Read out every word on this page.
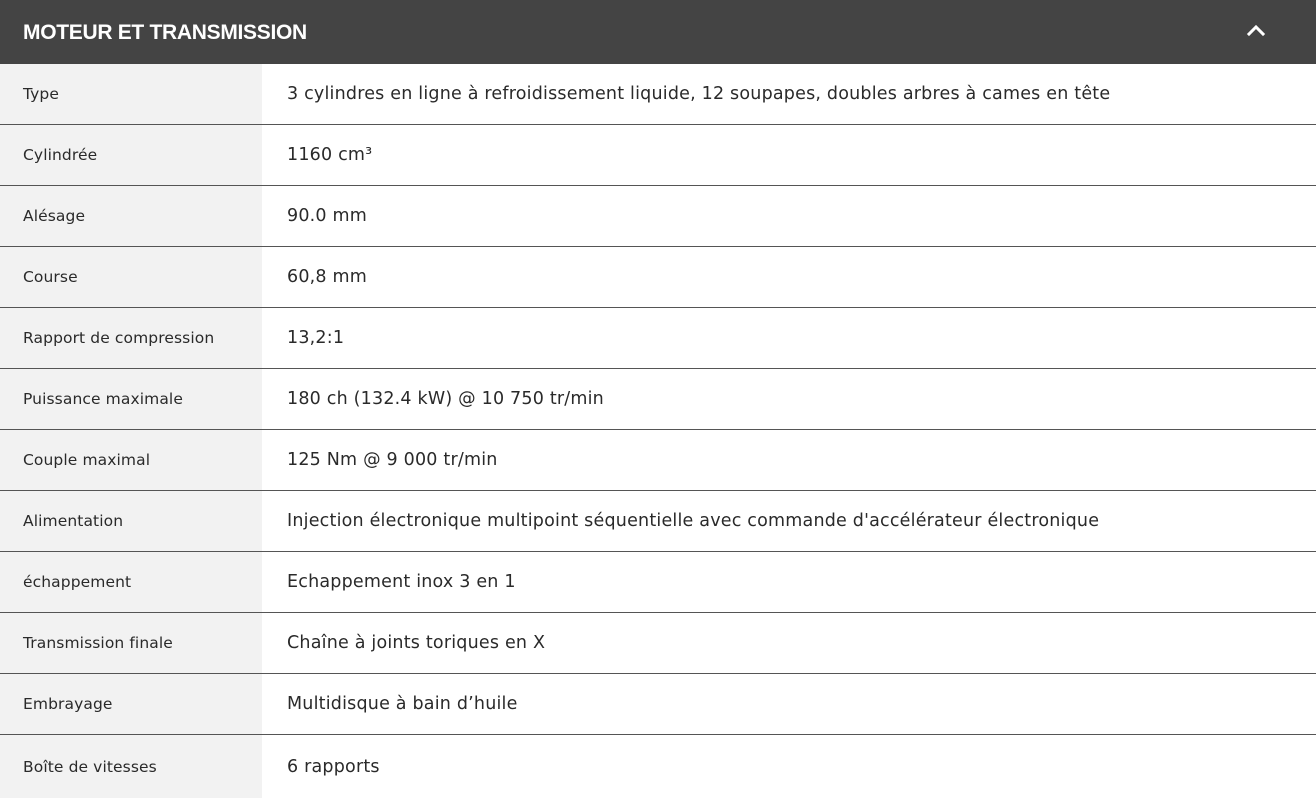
MOTEUR ET TRANSMISSION
Type	3 cylindres en ligne à refroidissement liquide, 12 soupapes, doubles arbres à cames en tête
Cylindrée	1160 cm³
Alésage	90.0 mm
Course	60,8 mm
Rapport de compression	13,2:1
Puissance maximale	180 ch (132.4 kW) @ 10 750 tr/min
Couple maximal	125 Nm @ 9 000 tr/min
Alimentation	Injection électronique multipoint séquentielle avec commande d'accélérateur électronique
échappement	Echappement inox 3 en 1
Transmission finale	Chaîne à joints toriques en X
Embrayage	Multidisque à bain d’huile
Boîte de vitesses	6 rapports
